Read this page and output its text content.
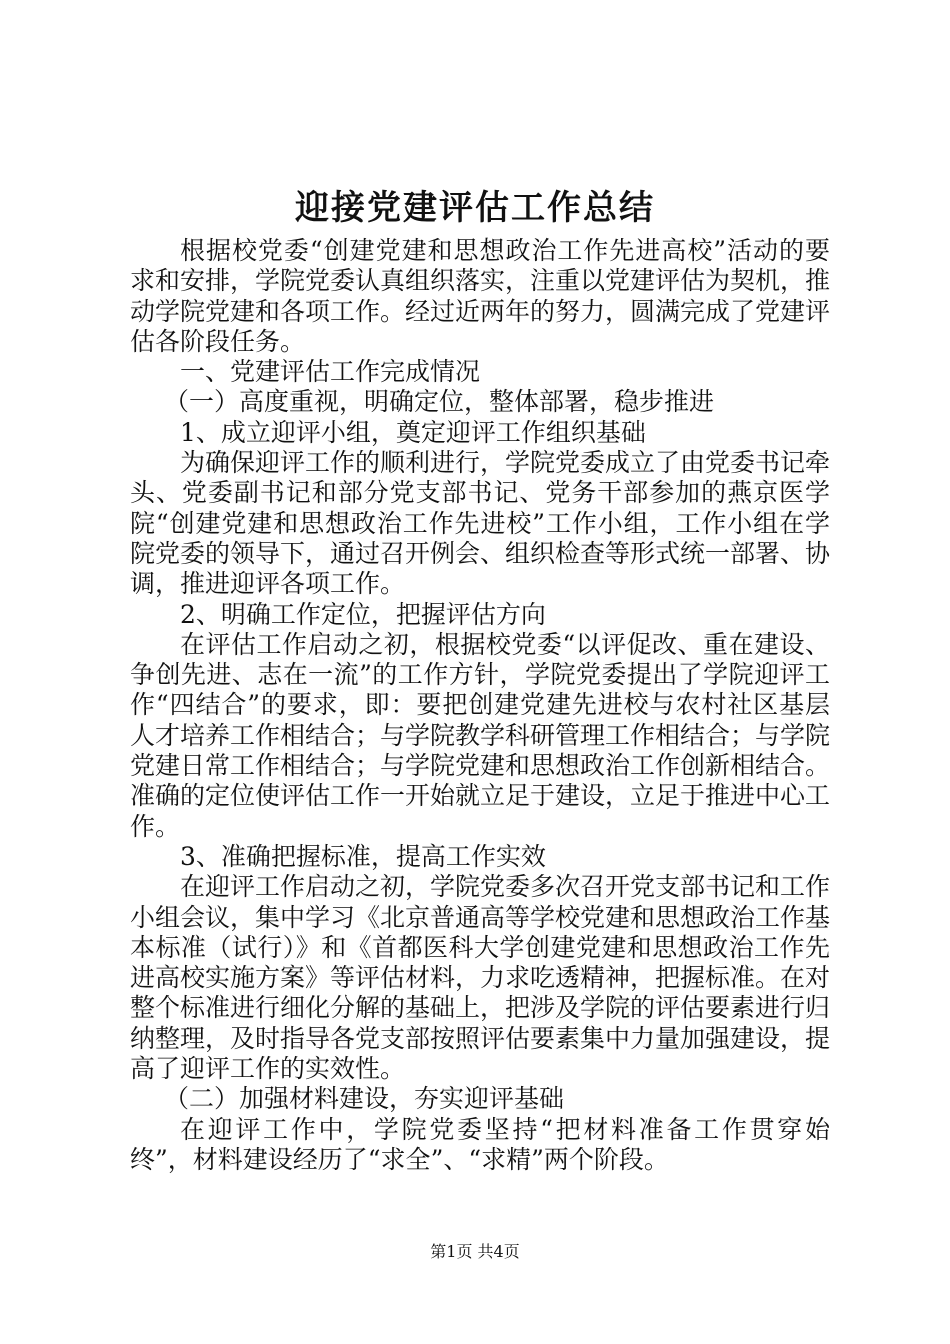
迎接党建评估工作总结

根据校党委“创建党建和思想政治工作先进高校”活动的要求和安排，学院党委认真组织落实，注重以党建评估为契机，推动学院党建和各项工作。经过近两年的努力，圆满完成了党建评估各阶段任务。

一、党建评估工作完成情况

（一）高度重视，明确定位，整体部署，稳步推进

1、成立迎评小组，奠定迎评工作组织基础

为确保迎评工作的顺利进行，学院党委成立了由党委书记牵头、党委副书记和部分党支部书记、党务干部参加的燕京医学院“创建党建和思想政治工作先进校”工作小组，工作小组在学院党委的领导下，通过召开例会、组织检查等形式统一部署、协调，推进迎评各项工作。

2、明确工作定位，把握评估方向

在评估工作启动之初，根据校党委“以评促改、重在建设、争创先进、志在一流”的工作方针，学院党委提出了学院迎评工作“四结合”的要求，即：要把创建党建先进校与农村社区基层人才培养工作相结合；与学院教学科研管理工作相结合；与学院党建日常工作相结合；与学院党建和思想政治工作创新相结合。准确的定位使评估工作一开始就立足于建设，立足于推进中心工作。

3、准确把握标准，提高工作实效

在迎评工作启动之初，学院党委多次召开党支部书记和工作小组会议，集中学习《北京普通高等学校党建和思想政治工作基本标准（试行）》和《首都医科大学创建党建和思想政治工作先进高校实施方案》等评估材料，力求吃透精神，把握标准。在对整个标准进行细化分解的基础上，把涉及学院的评估要素进行归纳整理，及时指导各党支部按照评估要素集中力量加强建设，提高了迎评工作的实效性。

（二）加强材料建设，夯实迎评基础

在迎评工作中，学院党委坚持“把材料准备工作贯穿始终”，材料建设经历了“求全”、“求精”两个阶段。

第1页 共4页
